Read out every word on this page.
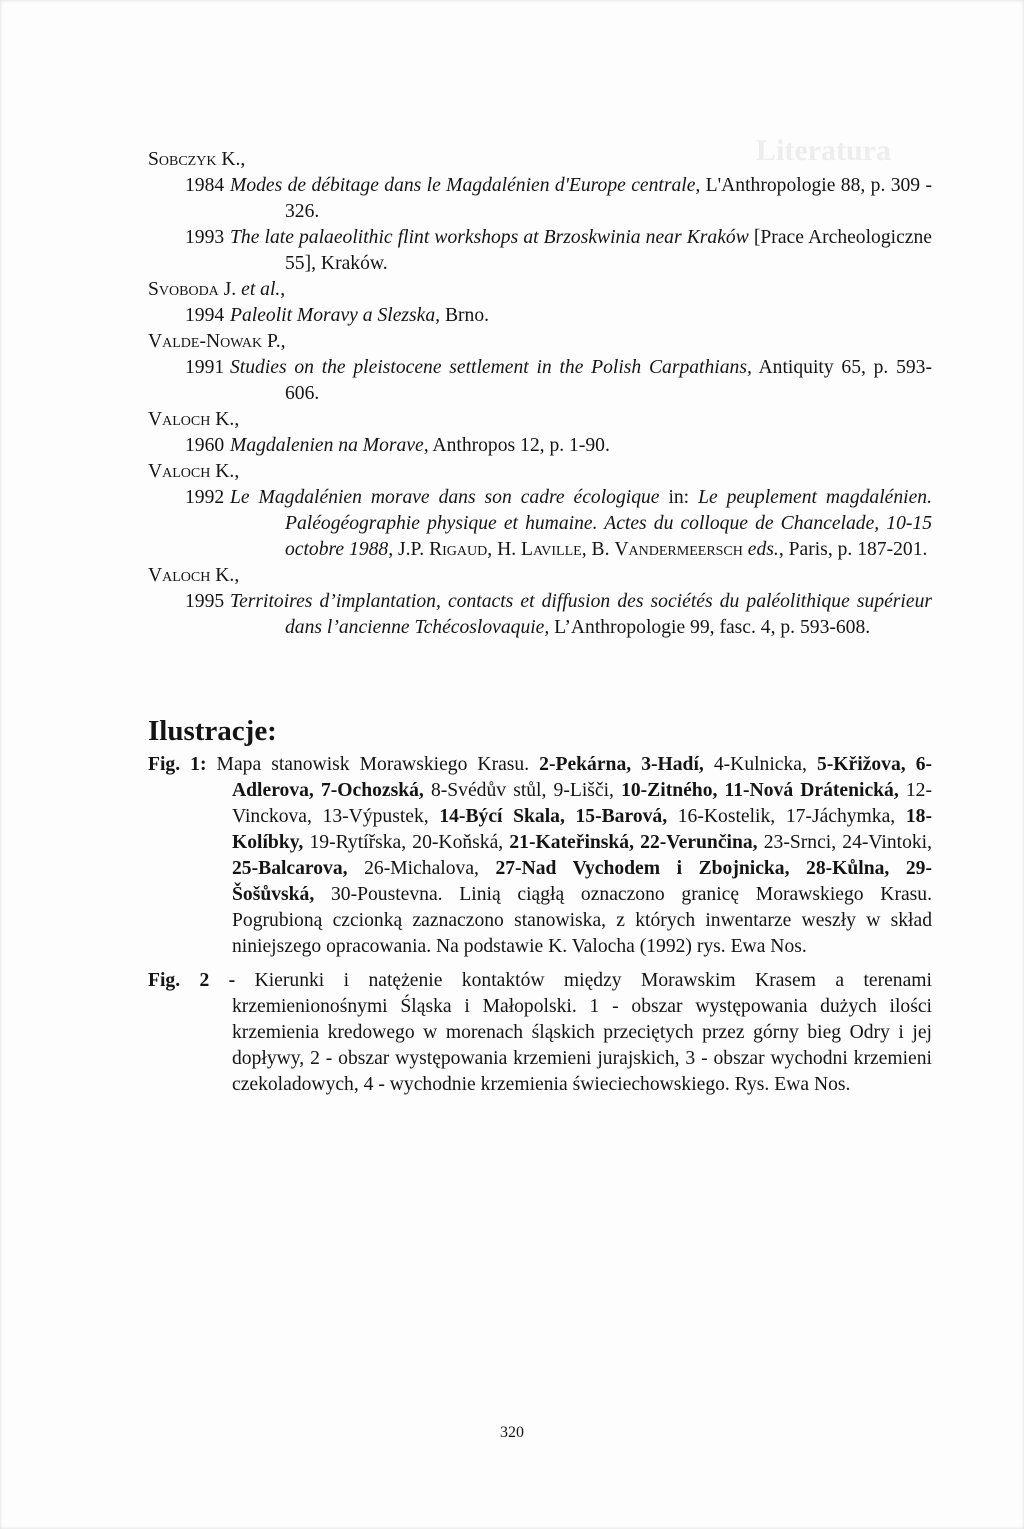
Literatura
Sobczyk K.,
1984 Modes de débitage dans le Magdalénien d'Europe centrale, L'Anthropologie 88, p. 309 - 326.
1993 The late palaeolithic flint workshops at Brzoskwinia near Kraków [Prace Archeologiczne 55], Kraków.
Svoboda J. et al.,
1994 Paleolit Moravy a Slezska, Brno.
Valde-Nowak P.,
1991 Studies on the pleistocene settlement in the Polish Carpathians, Antiquity 65, p. 593-606.
Valoch K.,
1960 Magdalenien na Morave, Anthropos 12, p. 1-90.
Valoch K.,
1992 Le Magdalénien morave dans son cadre écologique in: Le peuplement magdalénien. Paléogéographie physique et humaine. Actes du colloque de Chancelade, 10-15 octobre 1988, J.P. Rigaud, H. Laville, B. Vandermeersch eds., Paris, p. 187-201.
Valoch K.,
1995 Territoires d’implantation, contacts et diffusion des sociétés du paléolithique supérieur dans l’ancienne Tchécoslovaquie, L’Anthropologie 99, fasc. 4, p. 593-608.
Ilustracje:
Fig. 1: Mapa stanowisk Morawskiego Krasu. 2-Pekárna, 3-Hadí, 4-Kulnicka, 5-Křižova, 6-Adlerova, 7-Ochozská, 8-Svédův stůl, 9-Lišči, 10-Zitného, 11-Nová Drátenická, 12-Vinckova, 13-Výpustek, 14-Býcí Skala, 15-Barová, 16-Kostelik, 17-Jáchymka, 18-Kolíbky, 19-Rytířska, 20-Koňská, 21-Kateřinská, 22-Verunčina, 23-Srnci, 24-Vintoki, 25-Balcarova, 26-Michalova, 27-Nad Vychodem i Zbojnicka, 28-Kůlna, 29-Šošůvská, 30-Poustevna. Linią ciągłą oznaczono granicę Morawskiego Krasu. Pogrubioną czcionką zaznaczono stanowiska, z których inwentarze weszły w skład niniejszego opracowania. Na podstawie K. Valocha (1992) rys. Ewa Nos.
Fig. 2 - Kierunki i natężenie kontaktów między Morawskim Krasem a terenami krzemienionośnymi Śląska i Małopolski. 1 - obszar występowania dużych ilości krzemienia kredowego w morenach śląskich przeciętych przez górny bieg Odry i jej dopływy, 2 - obszar występowania krzemieni jurajskich, 3 - obszar wychodni krzemieni czekoladowych, 4 - wychodnie krzemienia świeciechowskiego. Rys. Ewa Nos.
320
